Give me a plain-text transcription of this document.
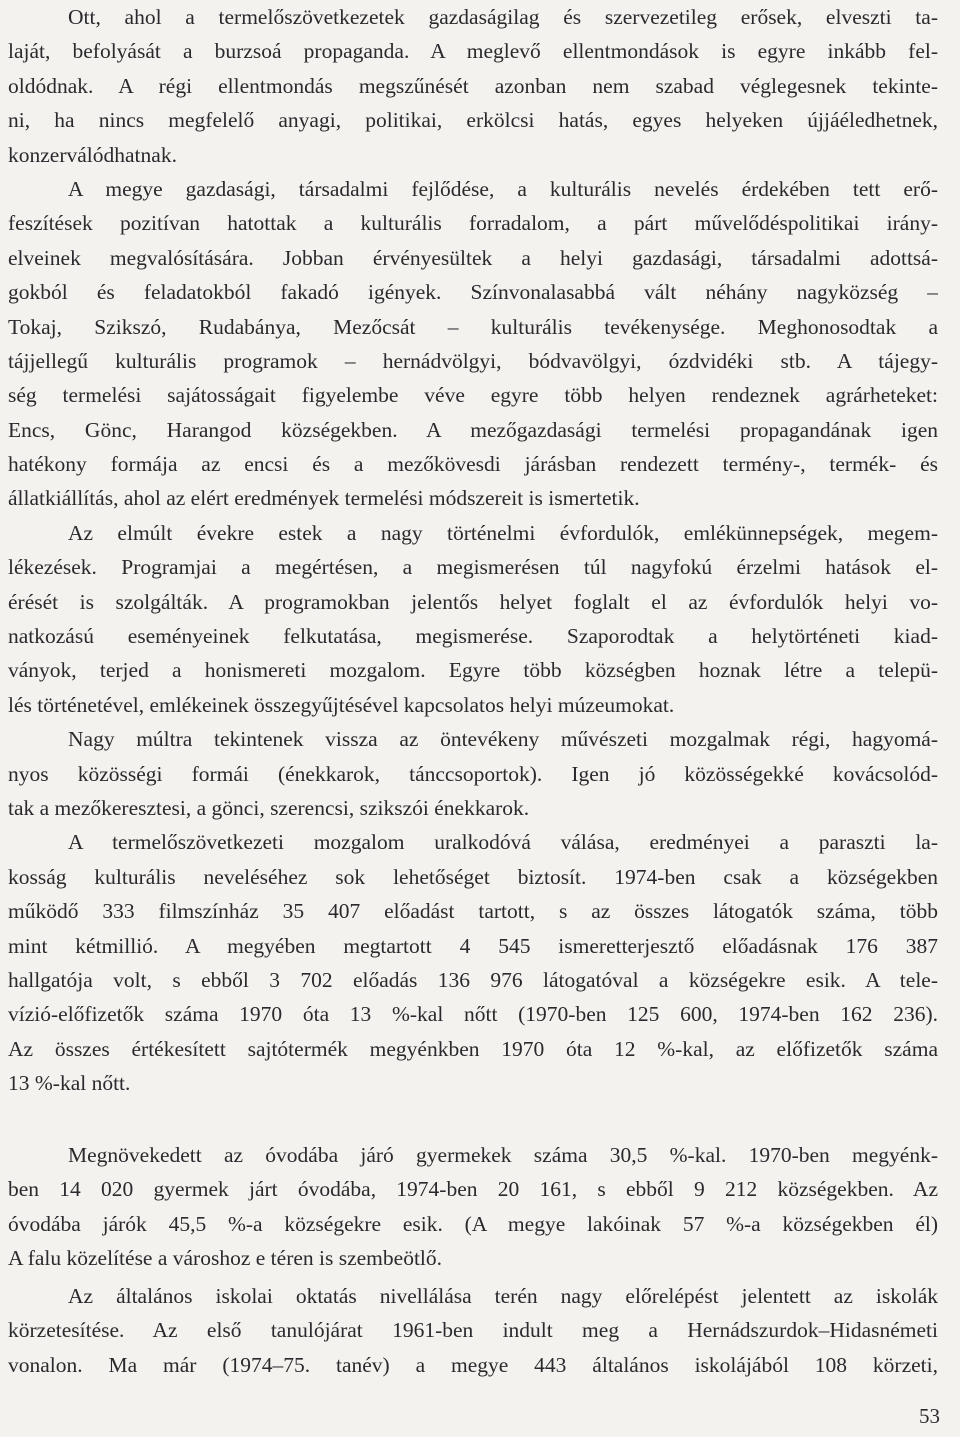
Ott, ahol a termelőszövetkezetek gazdaságilag és szervezetileg erősek, elveszti ta-
laját, befolyását a burzsoá propaganda. A meglevő ellentmondások is egyre inkább fel-
oldódnak. A régi ellentmondás megszűnését azonban nem szabad véglegesnek tekinte-
ni, ha nincs megfelelő anyagi, politikai, erkölcsi hatás, egyes helyeken újjáéledhetnek,
konzerválódhatnak.
A megye gazdasági, társadalmi fejlődése, a kulturális nevelés érdekében tett erő-
feszítések pozitívan hatottak a kulturális forradalom, a párt művelődéspolitikai irány-
elveinek megvalósítására. Jobban érvényesültek a helyi gazdasági, társadalmi adottsá-
gokból és feladatokból fakadó igények. Színvonalasabbá vált néhány nagyközség –
Tokaj, Szikszó, Rudabánya, Mezőcsát – kulturális tevékenysége. Meghonosodtak a
tájjellegű kulturális programok – hernádvölgyi, bódvavölgyi, ózdvidéki stb. A tájegy-
ség termelési sajátosságait figyelembe véve egyre több helyen rendeznek agrárheteket:
Encs, Gönc, Harangod községekben. A mezőgazdasági termelési propagandának igen
hatékony formája az encsi és a mezőkövesdi járásban rendezett termény-, termék- és
állatkiállítás, ahol az elért eredmények termelési módszereit is ismertetik.
Az elmúlt évekre estek a nagy történelmi évfordulók, emlékünnepségek, megem-
lékezések. Programjai a megértésen, a megismerésen túl nagyfokú érzelmi hatások el-
érését is szolgálták. A programokban jelentős helyet foglalt el az évfordulók helyi vo-
natkozású eseményeinek felkutatása, megismerése. Szaporodtak a helytörténeti kiad-
ványok, terjed a honismereti mozgalom. Egyre több községben hoznak létre a telepü-
lés történetével, emlékeinek összegyűjtésével kapcsolatos helyi múzeumokat.
Nagy múltra tekintenek vissza az öntevékeny művészeti mozgalmak régi, hagyomá-
nyos közösségi formái (énekkarok, tánccsoportok). Igen jó közösségekké kovácsolód-
tak a mezőkeresztesi, a gönci, szerencsi, szikszói énekkarok.
A termelőszövetkezeti mozgalom uralkodóvá válása, eredményei a paraszti la-
kosság kulturális neveléséhez sok lehetőséget biztosít. 1974-ben csak a községekben
működő 333 filmszínház 35 407 előadást tartott, s az összes látogatók száma, több
mint kétmillió. A megyében megtartott 4 545 ismeretterjesztő előadásnak 176 387
hallgatója volt, s ebből 3 702 előadás 136 976 látogatóval a községekre esik. A tele-
vízió-előfizetők száma 1970 óta 13 %-kal nőtt (1970-ben 125 600, 1974-ben 162 236).
Az összes értékesített sajtótermék megyénkben 1970 óta 12 %-kal, az előfizetők száma
13 %-kal nőtt.
Megnövekedett az óvodába járó gyermekek száma 30,5 %-kal. 1970-ben megyénk-
ben 14 020 gyermek járt óvodába, 1974-ben 20 161, s ebből 9 212 községekben. Az
óvodába járók 45,5 %-a községekre esik. (A megye lakóinak 57 %-a községekben él)
A falu közelítése a városhoz e téren is szembeötlő.
Az általános iskolai oktatás nivellálása terén nagy előrelépést jelentett az iskolák
körzetesítése. Az első tanulójárat 1961-ben indult meg a Hernádszurdok–Hidasnémeti
vonalon. Ma már (1974–75. tanév) a megye 443 általános iskolájából 108 körzeti,
53
